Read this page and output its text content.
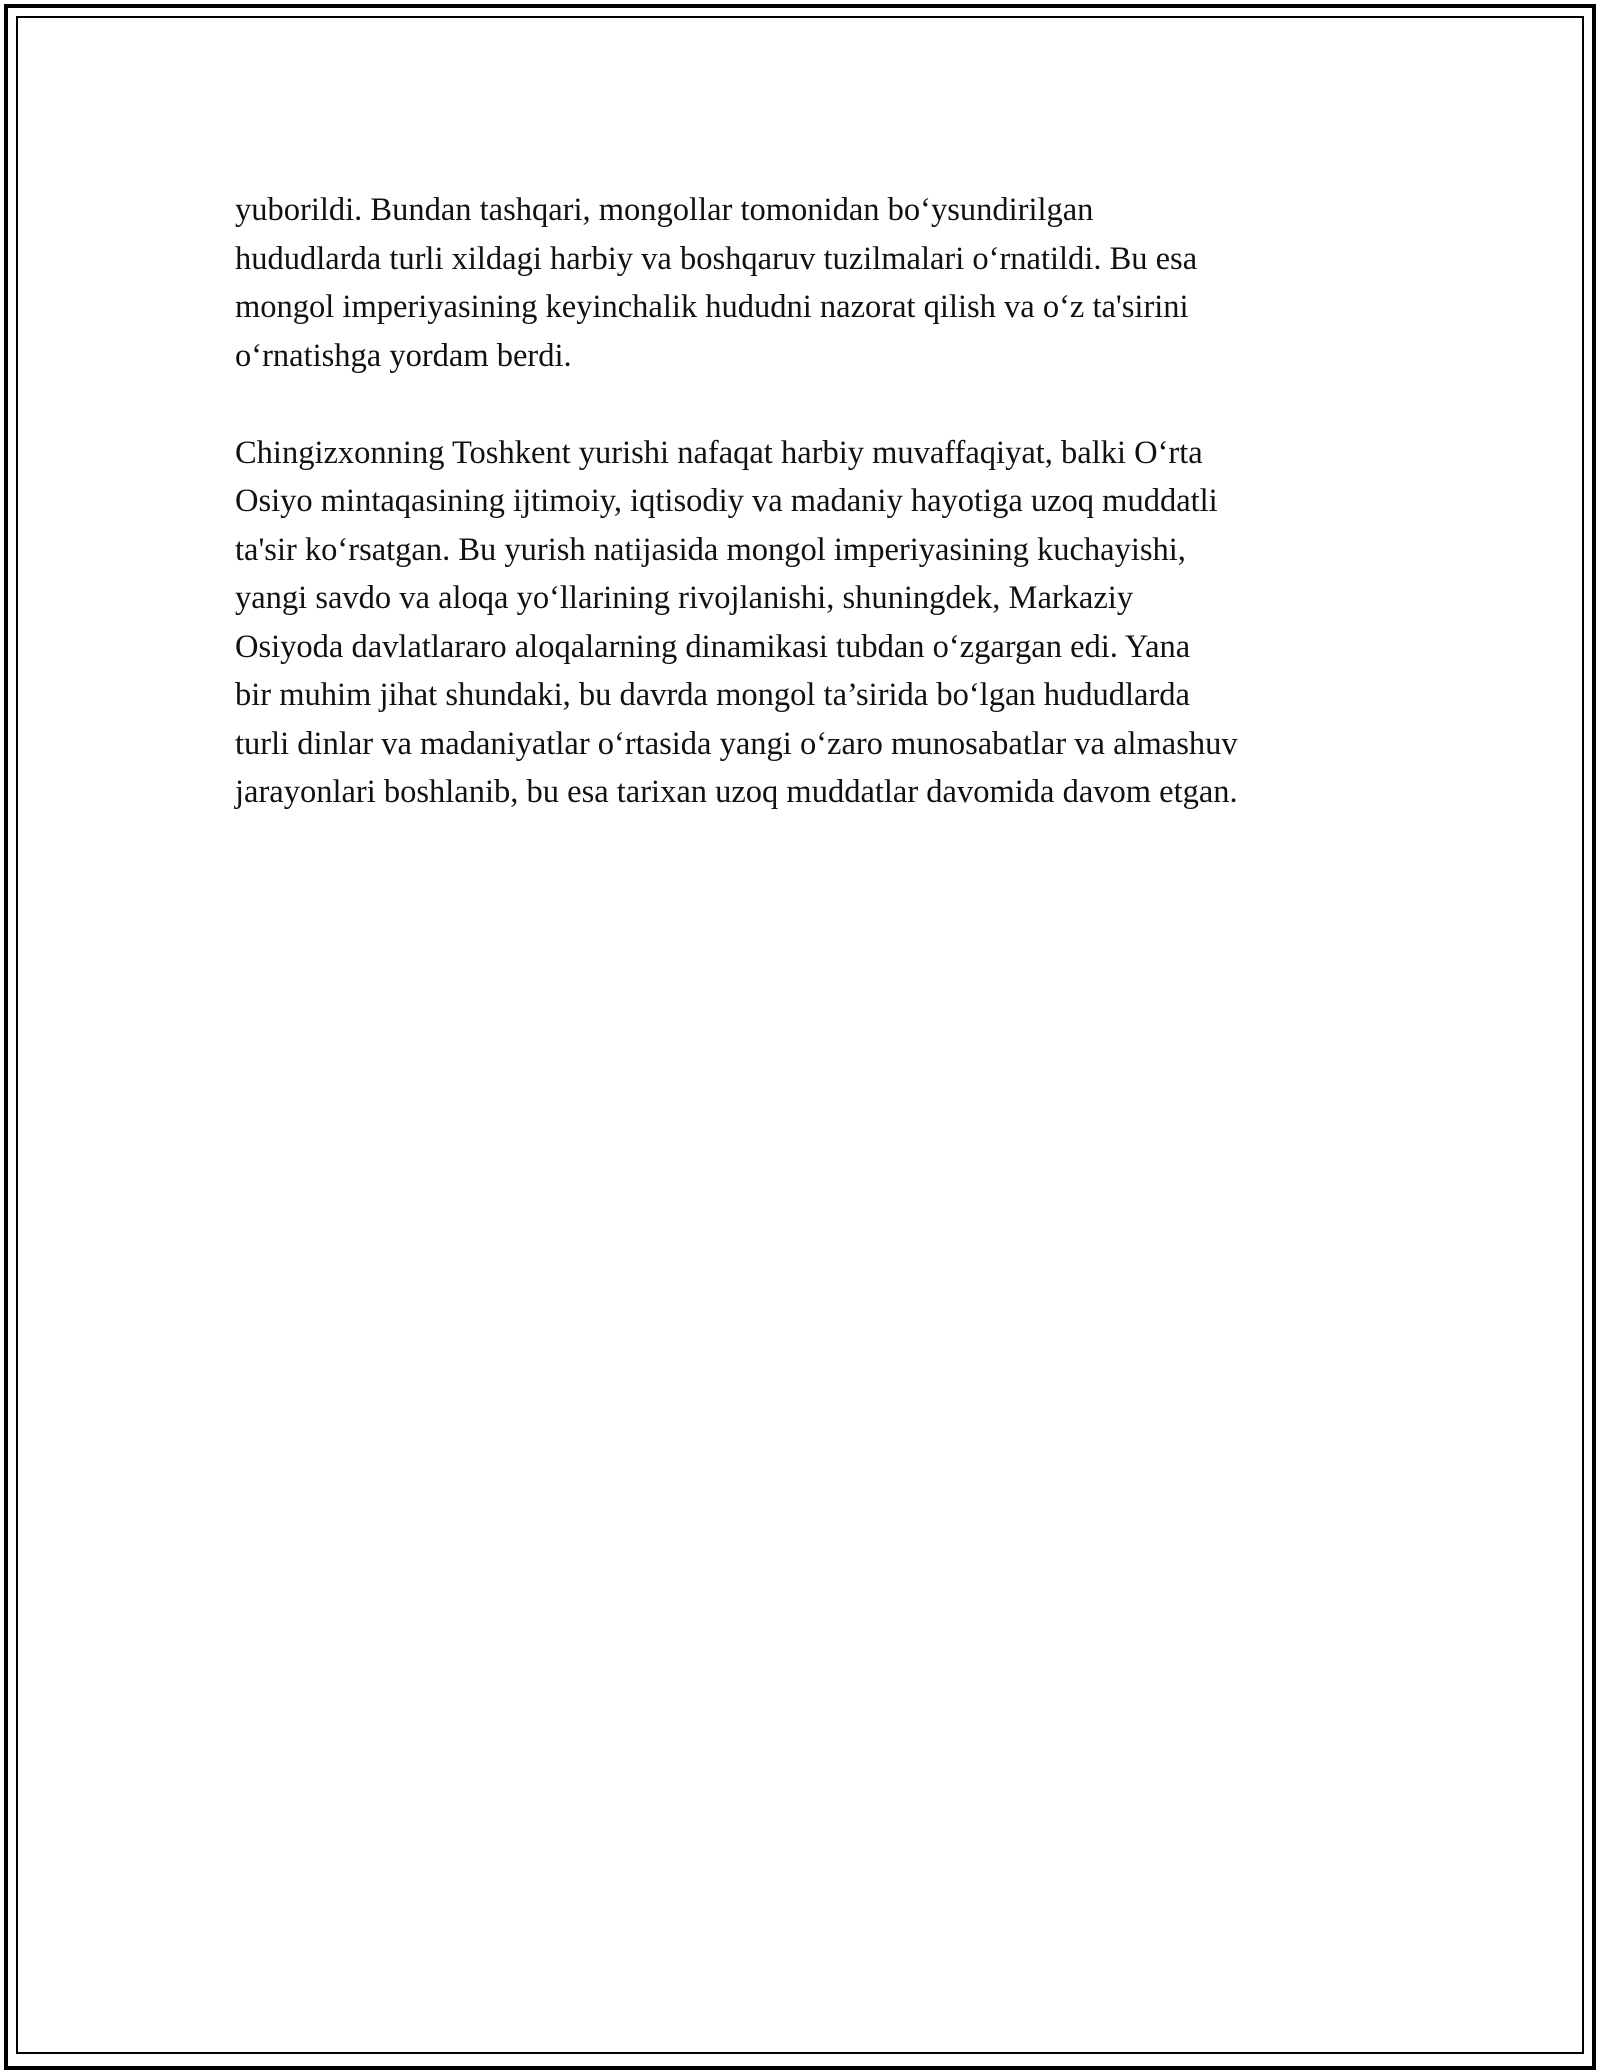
yuborildi. Bundan tashqari, mongollar tomonidan bo‘ysundirilgan
hududlarda turli xildagi harbiy va boshqaruv tuzilmalari o‘rnatildi. Bu esa
mongol imperiyasining keyinchalik hududni nazorat qilish va o‘z ta'sirini
o‘rnatishga yordam berdi.

Chingizxonning Toshkent yurishi nafaqat harbiy muvaffaqiyat, balki O‘rta
Osiyo mintaqasining ijtimoiy, iqtisodiy va madaniy hayotiga uzoq muddatli
ta'sir ko‘rsatgan. Bu yurish natijasida mongol imperiyasining kuchayishi,
yangi savdo va aloqa yo‘llarining rivojlanishi, shuningdek, Markaziy
Osiyoda davlatlararo aloqalarning dinamikasi tubdan o‘zgargan edi. Yana
bir muhim jihat shundaki, bu davrda mongol ta’sirida bo‘lgan hududlarda
turli dinlar va madaniyatlar o‘rtasida yangi o‘zaro munosabatlar va almashuv
jarayonlari boshlanib, bu esa tarixan uzoq muddatlar davomida davom etgan.
